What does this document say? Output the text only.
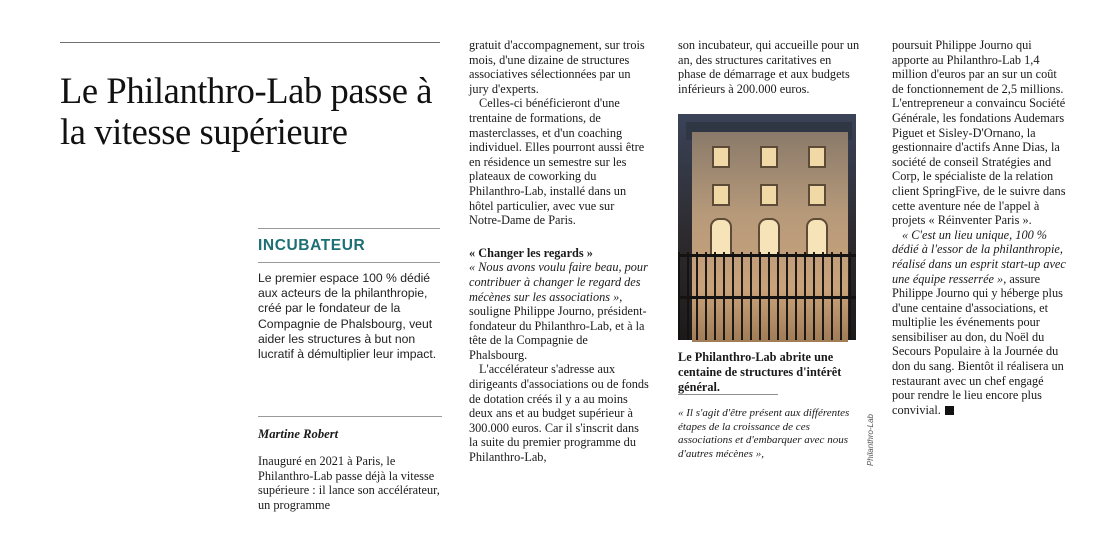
Le Philanthro-Lab passe à la vitesse supérieure
INCUBATEUR

Le premier espace 100 % dédié aux acteurs de la philanthropie, créé par le fondateur de la Compagnie de Phalsbourg, veut aider les structures à but non lucratif à démultiplier leur impact.

Martine Robert

Inauguré en 2021 à Paris, le Philanthro-Lab passe déjà la vitesse supérieure : il lance son accélérateur, un programme

gratuit d'accompagnement, sur trois mois, d'une dizaine de structures associatives sélectionnées par un jury d'experts.

Celles-ci bénéficieront d'une trentaine de formations, de masterclasses, et d'un coaching individuel. Elles pourront aussi être en résidence un semestre sur les plateaux de coworking du Philanthro-Lab, installé dans un hôtel particulier, avec vue sur Notre-Dame de Paris.

« Changer les regards »

« Nous avons voulu faire beau, pour contribuer à changer le regard des mécènes sur les associations », souligne Philippe Journo, président-fondateur du Philanthro-Lab, et à la tête de la Compagnie de Phalsbourg.

L'accélérateur s'adresse aux dirigeants d'associations ou de fonds de dotation créés il y a au moins deux ans et au budget supérieur à 300.000 euros. Car il s'inscrit dans la suite du premier programme du Philanthro-Lab,

son incubateur, qui accueille pour un an, des structures caritatives en phase de démarrage et aux budgets inférieurs à 200.000 euros.

Philanthro-Lab

Le Philanthro-Lab abrite une centaine de structures d'intérêt général.

« Il s'agit d'être présent aux différentes étapes de la croissance de ces associations et d'embarquer avec nous d'autres mécènes »,

poursuit Philippe Journo qui apporte au Philanthro-Lab 1,4 million d'euros par an sur un coût de fonctionnement de 2,5 millions. L'entrepreneur a convaincu Société Générale, les fondations Audemars Piguet et Sisley-D'Ornano, la gestionnaire d'actifs Anne Dias, la société de conseil Stratégies and Corp, le spécialiste de la relation client SpringFive, de le suivre dans cette aventure née de l'appel à projets « Réinventer Paris ».

« C'est un lieu unique, 100 % dédié à l'essor de la philanthropie, réalisé dans un esprit start-up avec une équipe resserrée », assure Philippe Journo qui y héberge plus d'une centaine d'associations, et multiplie les événements pour sensibiliser au don, du Noël du Secours Populaire à la Journée du don du sang. Bientôt il réalisera un restaurant avec un chef engagé pour rendre le lieu encore plus convivial.
